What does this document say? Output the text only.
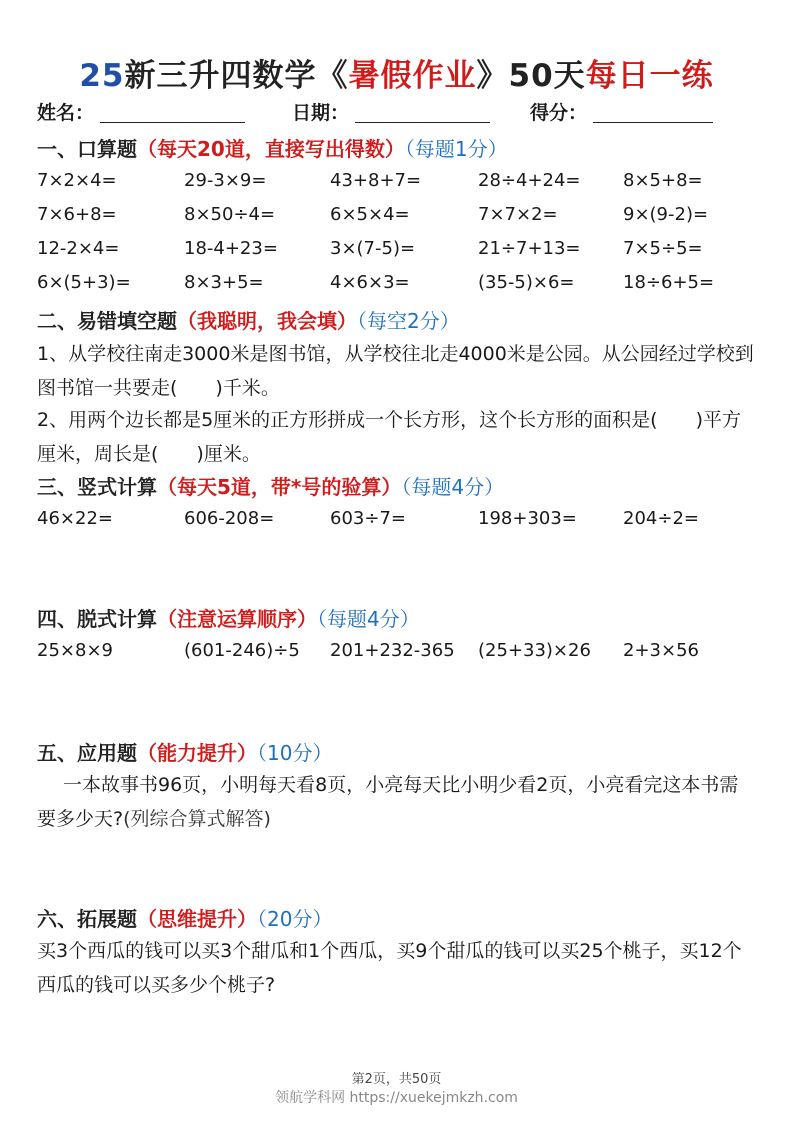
25新三升四数学《暑假作业》50天每日一练
姓名：	日期：	得分：
一、口算题（每天20道，直接写出得数）（每题1分）
7×2×4=	29-3×9=	43+8+7=	28÷4+24= 8×5+8=
7×6+8=	8×50÷4=	6×5×4=	7×7×2=	9×(9-2)=
12-2×4=	18-4+23=	3×(7-5)=	21÷7+13= 7×5÷5=
6×(5+3)=	8×3+5=	4×6×3=	(35-5)×6=	18÷6+5=
二、易错填空题（我聪明，我会填）（每空2分）
1、从学校往南走3000米是图书馆，从学校往北走4000米是公园。从公园经过学校到图书馆一共要走(　　)千米。
2、用两个边长都是5厘米的正方形拼成一个长方形，这个长方形的面积是(　　)平方厘米，周长是(　　)厘米。
三、竖式计算（每天5道，带*号的验算）（每题4分）
46×22=	606-208=	603÷7=	198+303=	204÷2=
四、脱式计算（注意运算顺序）（每题4分）
25×8×9	(601-246)÷5 201+232-365 (25+33)×26 2+3×56
五、应用题（能力提升）（10分）
一本故事书96页，小明每天看8页，小亮每天比小明少看2页，小亮看完这本书需要多少天?(列综合算式解答)
六、拓展题（思维提升）（20分）
买3个西瓜的钱可以买3个甜瓜和1个西瓜，买9个甜瓜的钱可以买25个桃子，买12个西瓜的钱可以买多少个桃子?
第2页，共50页
领航学科网 https://xuekejmkzh.com
